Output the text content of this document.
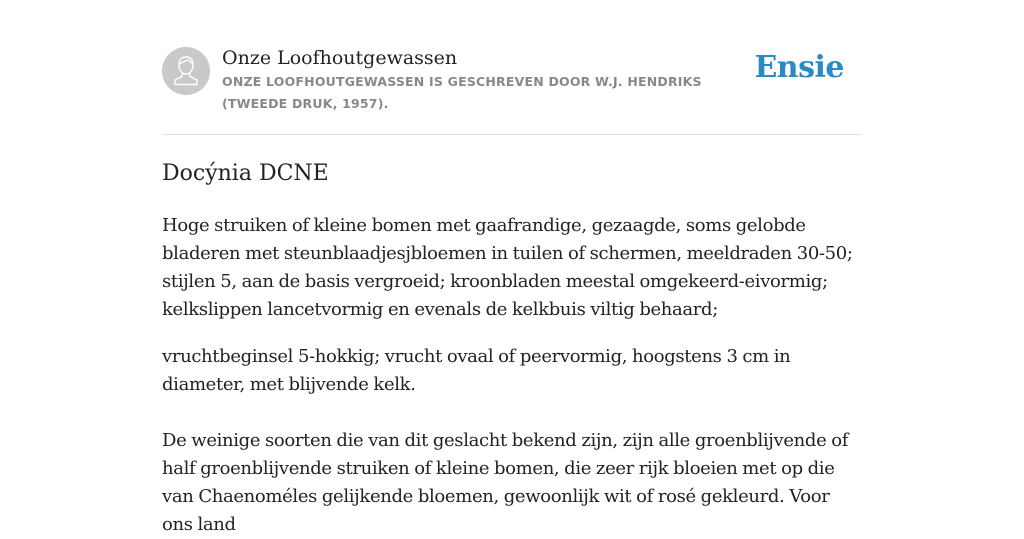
Onze Loofhoutgewassen
ONZE LOOFHOUTGEWASSEN IS GESCHREVEN DOOR W.J. HENDRIKS (TWEEDE DRUK, 1957).
Ensie
Docýnia DCNE

Hoge struiken of kleine bomen met gaafrandige, gezaagde, soms gelobde bladeren met steunblaadjesjbloemen in tuilen of schermen, meeldraden 30-50; stijlen 5, aan de basis vergroeid; kroonbladen meestal omgekeerd-eivormig; kelkslippen lancetvormig en evenals de kelkbuis viltig behaard;

vruchtbeginsel 5-hokkig; vrucht ovaal of peervormig, hoogstens 3 cm in diameter, met blijvende kelk.

De weinige soorten die van dit geslacht bekend zijn, zijn alle groenblijvende of half groenblijvende struiken of kleine bomen, die zeer rijk bloeien met op die van Chaenoméles gelijkende bloemen, gewoonlijk wit of rosé gekleurd. Voor ons land
